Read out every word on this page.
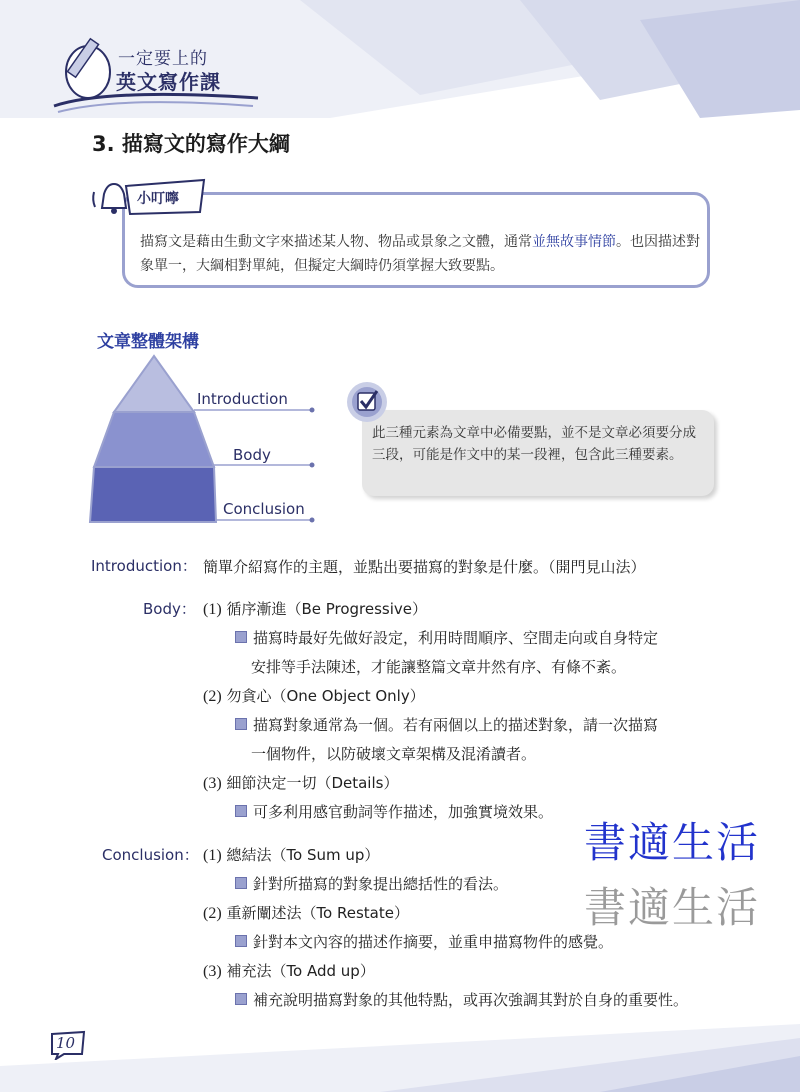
一定要上的
英文寫作課
3. 描寫文的寫作大綱
小叮嚀
描寫文是藉由生動文字來描述某人物、物品或景象之文體，通常並無故事情節。也因描述對象單一，大綱相對單純，但擬定大綱時仍須掌握大致要點。
文章整體架構
Introduction
Body
Conclusion
此三種元素為文章中必備要點，並不是文章必須要分成三段，可能是作文中的某一段裡，包含此三種要素。
Introduction： 簡單介紹寫作的主題，並點出要描寫的對象是什麼。（開門見山法）
Body： (1) 循序漸進（Be Progressive）
描寫時最好先做好設定，利用時間順序、空間走向或自身特定
安排等手法陳述，才能讓整篇文章井然有序、有條不紊。
(2) 勿貪心（One Object Only）
描寫對象通常為一個。若有兩個以上的描述對象，請一次描寫
一個物件，以防破壞文章架構及混淆讀者。
(3) 細節決定一切（Details）
可多利用感官動詞等作描述，加強實境效果。
Conclusion： (1) 總結法（To Sum up）
針對所描寫的對象提出總括性的看法。
(2) 重新闡述法（To Restate）
針對本文內容的描述作摘要，並重申描寫物件的感覺。
(3) 補充法（To Add up）
補充說明描寫對象的其他特點，或再次強調其對於自身的重要性。
書適生活
書適生活
10
